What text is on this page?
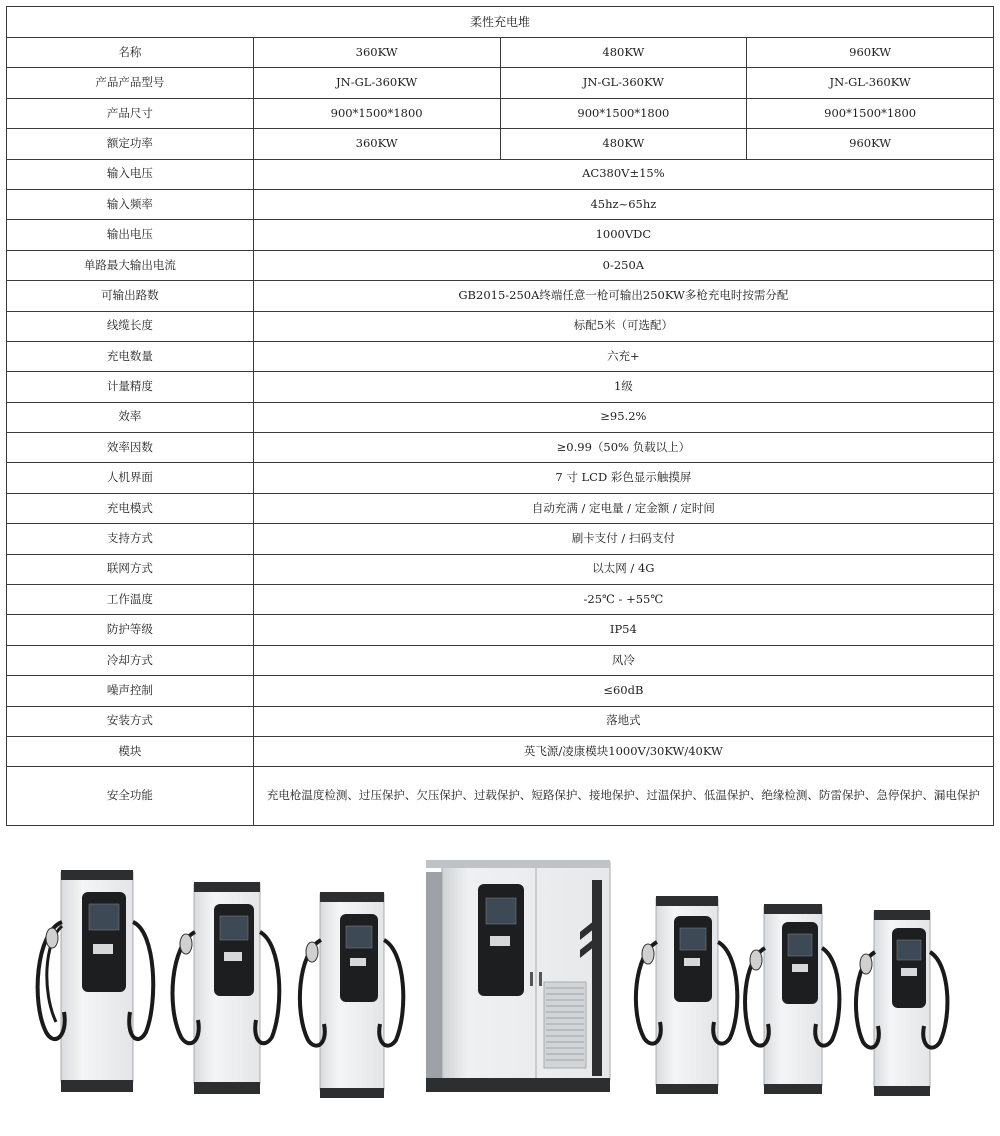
柔性充电堆			
名称	360KW	480KW	960KW
产品产品型号	JN-GL-360KW	JN-GL-360KW	JN-GL-360KW
产品尺寸	900*1500*1800	900*1500*1800	900*1500*1800
额定功率	360KW	480KW	960KW
输入电压	AC380V±15%		
输入频率	45hz~65hz		
输出电压	1000VDC		
单路最大输出电流	0-250A		
可输出路数	GB2015-250A终端任意一枪可输出250KW多枪充电时按需分配		
线缆长度	标配5米（可选配）		
充电数量	六充+		
计量精度	1级		
效率	≥95.2%		
效率因数	≥0.99（50% 负载以上）		
人机界面	7 寸 LCD 彩色显示触摸屏		
充电模式	自动充满 / 定电量 / 定金额 / 定时间		
支持方式	刷卡支付 / 扫码支付		
联网方式	以太网 / 4G		
工作温度	-25℃ - +55℃		
防护等级	IP54		
冷却方式	风冷		
噪声控制	≤60dB		
安装方式	落地式		
模块	英飞源/凌康模块1000V/30KW/40KW		
安全功能	充电枪温度检测、过压保护、欠压保护、过载保护、短路保护、接地保护、过温保护、低温保护、绝缘检测、防雷保护、急停保护、漏电保护		
